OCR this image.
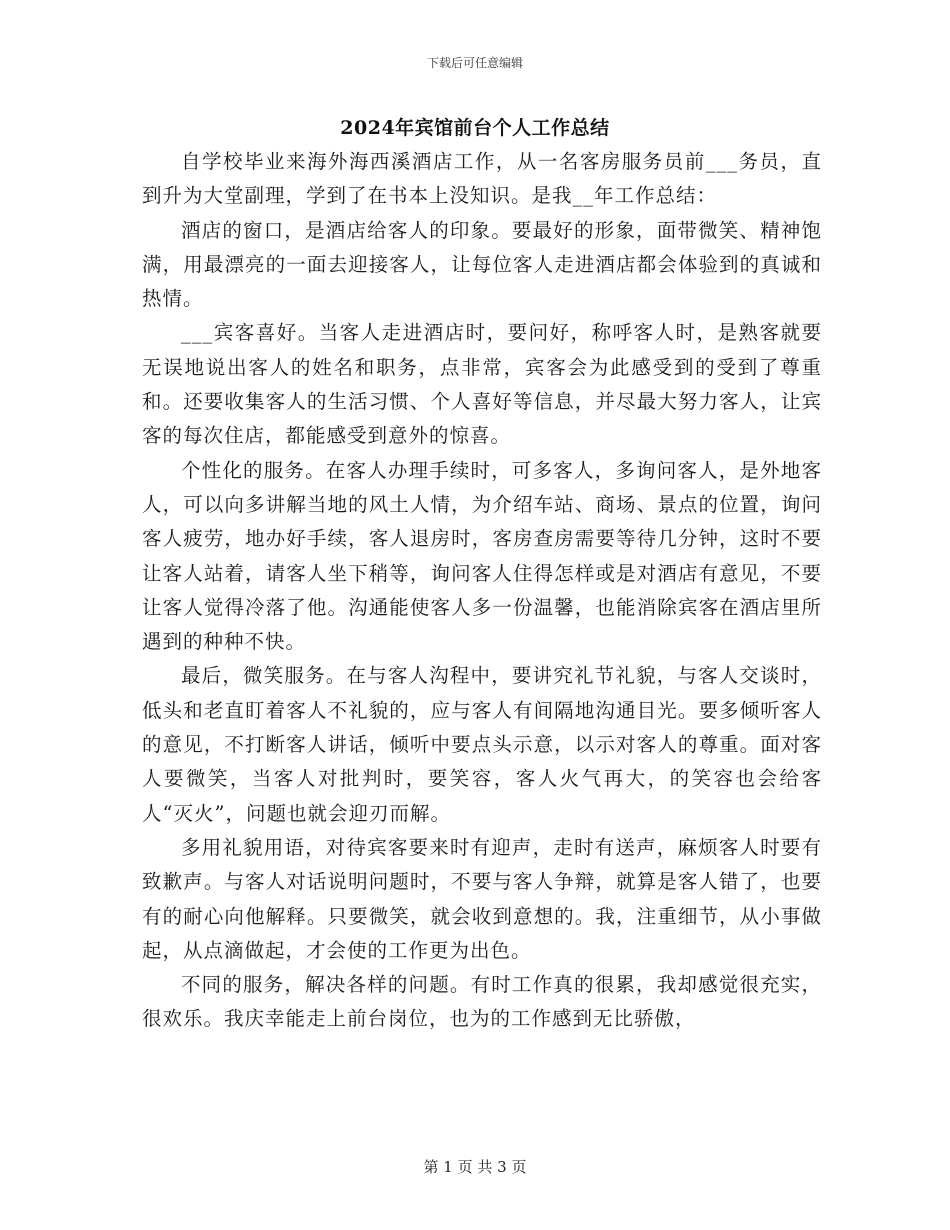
下载后可任意编辑
2024年宾馆前台个人工作总结

自学校毕业来海外海西溪酒店工作，从一名客房服务员前___务员，直到升为大堂副理，学到了在书本上没知识。是我__年工作总结：

酒店的窗口，是酒店给客人的印象。要最好的形象，面带微笑、精神饱满，用最漂亮的一面去迎接客人，让每位客人走进酒店都会体验到的真诚和热情。

___宾客喜好。当客人走进酒店时，要问好，称呼客人时，是熟客就要无误地说出客人的姓名和职务，点非常，宾客会为此感受到的受到了尊重和。还要收集客人的生活习惯、个人喜好等信息，并尽最大努力客人，让宾客的每次住店，都能感受到意外的惊喜。

个性化的服务。在客人办理手续时，可多客人，多询问客人，是外地客人，可以向多讲解当地的风土人情，为介绍车站、商场、景点的位置，询问客人疲劳，地办好手续，客人退房时，客房查房需要等待几分钟，这时不要让客人站着，请客人坐下稍等，询问客人住得怎样或是对酒店有意见，不要让客人觉得冷落了他。沟通能使客人多一份温馨，也能消除宾客在酒店里所遇到的种种不快。

最后，微笑服务。在与客人沟程中，要讲究礼节礼貌，与客人交谈时，低头和老直盯着客人不礼貌的，应与客人有间隔地沟通目光。要多倾听客人的意见，不打断客人讲话，倾听中要点头示意，以示对客人的尊重。面对客人要微笑，当客人对批判时，要笑容，客人火气再大，的笑容也会给客人“灭火”，问题也就会迎刃而解。

多用礼貌用语，对待宾客要来时有迎声，走时有送声，麻烦客人时要有致歉声。与客人对话说明问题时，不要与客人争辩，就算是客人错了，也要有的耐心向他解释。只要微笑，就会收到意想的。我，注重细节，从小事做起，从点滴做起，才会使的工作更为出色。

不同的服务，解决各样的问题。有时工作真的很累，我却感觉很充实，很欢乐。我庆幸能走上前台岗位，也为的工作感到无比骄傲，

第 1 页 共 3 页
